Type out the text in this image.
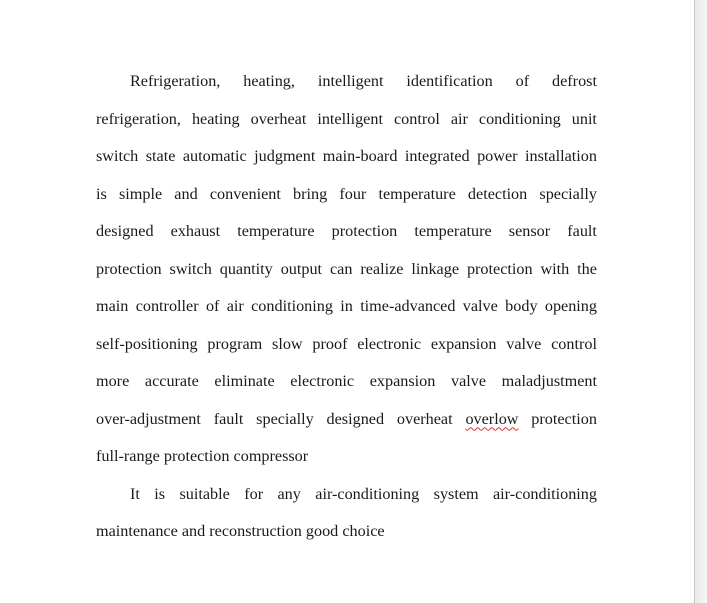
Refrigeration, heating, intelligent identification of defrost
refrigeration, heating overheat intelligent control air conditioning unit
switch state automatic judgment main-board integrated power installation
is simple and convenient bring four temperature detection specially
designed exhaust temperature protection temperature sensor fault
protection switch quantity output can realize linkage protection with the
main controller of air conditioning in time-advanced valve body opening
self-positioning program slow proof electronic expansion valve control
more accurate eliminate electronic expansion valve maladjustment
over-adjustment fault specially designed overheat overlow protection
full-range protection compressor
It is suitable for any air-conditioning system air-conditioning
maintenance and reconstruction good choice
